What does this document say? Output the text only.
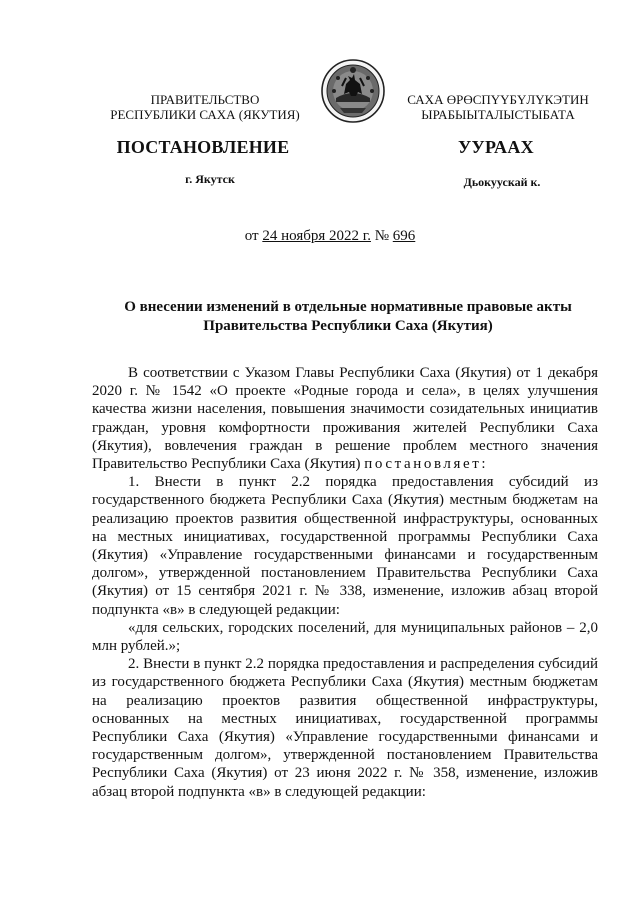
ПРАВИТЕЛЬСТВО
РЕСПУБЛИКИ САХА (ЯКУТИЯ)
САХА ӨРӨСПҮҮБҮЛҮКЭТИН
ЫРАБЫЫТАЛЫСТЫБАТА
ПОСТАНОВЛЕНИЕ	УУРААХ
г. Якутск	Дьокуускай к.
от 24 ноября 2022 г. № 696
О внесении изменений в отдельные нормативные правовые акты
Правительства Республики Саха (Якутия)

В соответствии с Указом Главы Республики Саха (Якутия) от 1 декабря 2020 г. № 1542 «О проекте «Родные города и села», в целях улучшения качества жизни населения, повышения значимости созидательных инициатив граждан, уровня комфортности проживания жителей Республики Саха (Якутия), вовлечения граждан в решение проблем местного значения Правительство Республики Саха (Якутия) постановляет:

1. Внести в пункт 2.2 порядка предоставления субсидий из государственного бюджета Республики Саха (Якутия) местным бюджетам на реализацию проектов развития общественной инфраструктуры, основанных на местных инициативах, государственной программы Республики Саха (Якутия) «Управление государственными финансами и государственным долгом», утвержденной постановлением Правительства Республики Саха (Якутия) от 15 сентября 2021 г. № 338, изменение, изложив абзац второй подпункта «в» в следующей редакции:

«для сельских, городских поселений, для муниципальных районов – 2,0 млн рублей.»;

2. Внести в пункт 2.2 порядка предоставления и распределения субсидий из государственного бюджета Республики Саха (Якутия) местным бюджетам на реализацию проектов развития общественной инфраструктуры, основанных на местных инициативах, государственной программы Республики Саха (Якутия) «Управление государственными финансами и государственным долгом», утвержденной постановлением Правительства Республики Саха (Якутия) от 23 июня 2022 г. № 358, изменение, изложив абзац второй подпункта «в» в следующей редакции:
